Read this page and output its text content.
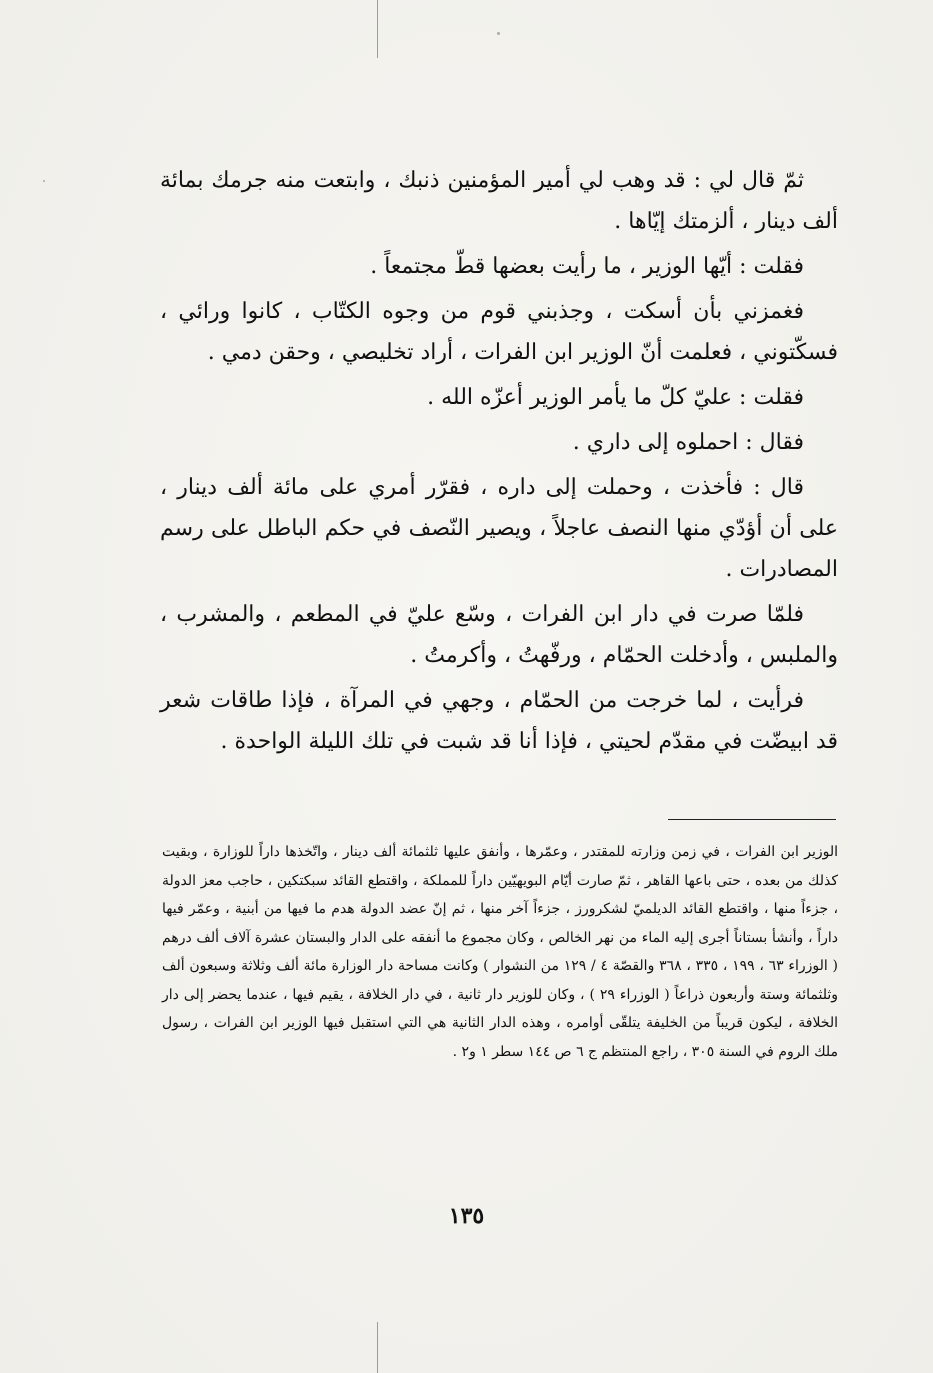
ثمّ قال لي : قد وهب لي أمير المؤمنين ذنبك ، وابتعت منه جرمك بمائة ألف دينار ، ألزمتك إيّاها .

فقلت : أيّها الوزير ، ما رأيت بعضها قطّ مجتمعاً .

فغمزني بأن أسكت ، وجذبني قوم من وجوه الكتّاب ، كانوا ورائي ، فسكّتوني ، فعلمت أنّ الوزير ابن الفرات ، أراد تخليصي ، وحقن دمي .

فقلت : عليّ كلّ ما يأمر الوزير أعزّه الله .

فقال : احملوه إلى داري .

قال : فأخذت ، وحملت إلى داره ، فقرّر أمري على مائة ألف دينار ، على أن أؤدّي منها النصف عاجلاً ، ويصير النّصف في حكم الباطل على رسم المصادرات .

فلمّا صرت في دار ابن الفرات ، وسّع عليّ في المطعم ، والمشرب ، والملبس ، وأدخلت الحمّام ، ورفّهتُ ، وأكرمتُ .

فرأيت ، لما خرجت من الحمّام ، وجهي في المرآة ، فإذا طاقات شعر قد ابيضّت في مقدّم لحيتي ، فإذا أنا قد شبت في تلك الليلة الواحدة .

الوزير ابن الفرات ، في زمن وزارته للمقتدر ، وعمّرها ، وأنفق عليها ثلثمائة ألف دينار ، واتّخذها داراً للوزارة ، وبقيت كذلك من بعده ، حتى باعها القاهر ، ثمّ صارت أيّام البويهيّين داراً للمملكة ، واقتطع القائد سبكتكين ، حاجب معز الدولة ، جزءاً منها ، واقتطع القائد الديلميّ لشكرورز ، جزءاً آخر منها ، ثم إنّ عضد الدولة هدم ما فيها من أبنية ، وعمّر فيها داراً ، وأنشأ بستاناً أجرى إليه الماء من نهر الخالص ، وكان مجموع ما أنفقه على الدار والبستان عشرة آلاف ألف درهم ( الوزراء ٦٣ ، ١٩٩ ، ٣٣٥ ، ٣٦٨ والقصّة ٤ / ١٢٩ من النشوار ) وكانت مساحة دار الوزارة مائة ألف وثلاثة وسبعون ألف وثلثمائة وستة وأربعون ذراعاً ( الوزراء ٢٩ ) ، وكان للوزير دار ثانية ، في دار الخلافة ، يقيم فيها ، عندما يحضر إلى دار الخلافة ، ليكون قريباً من الخليفة يتلقّى أوامره ، وهذه الدار الثانية هي التي استقبل فيها الوزير ابن الفرات ، رسول ملك الروم في السنة ٣٠٥ ، راجع المنتظم ج ٦ ص ١٤٤ سطر ١ و٢ .
١٣٥
